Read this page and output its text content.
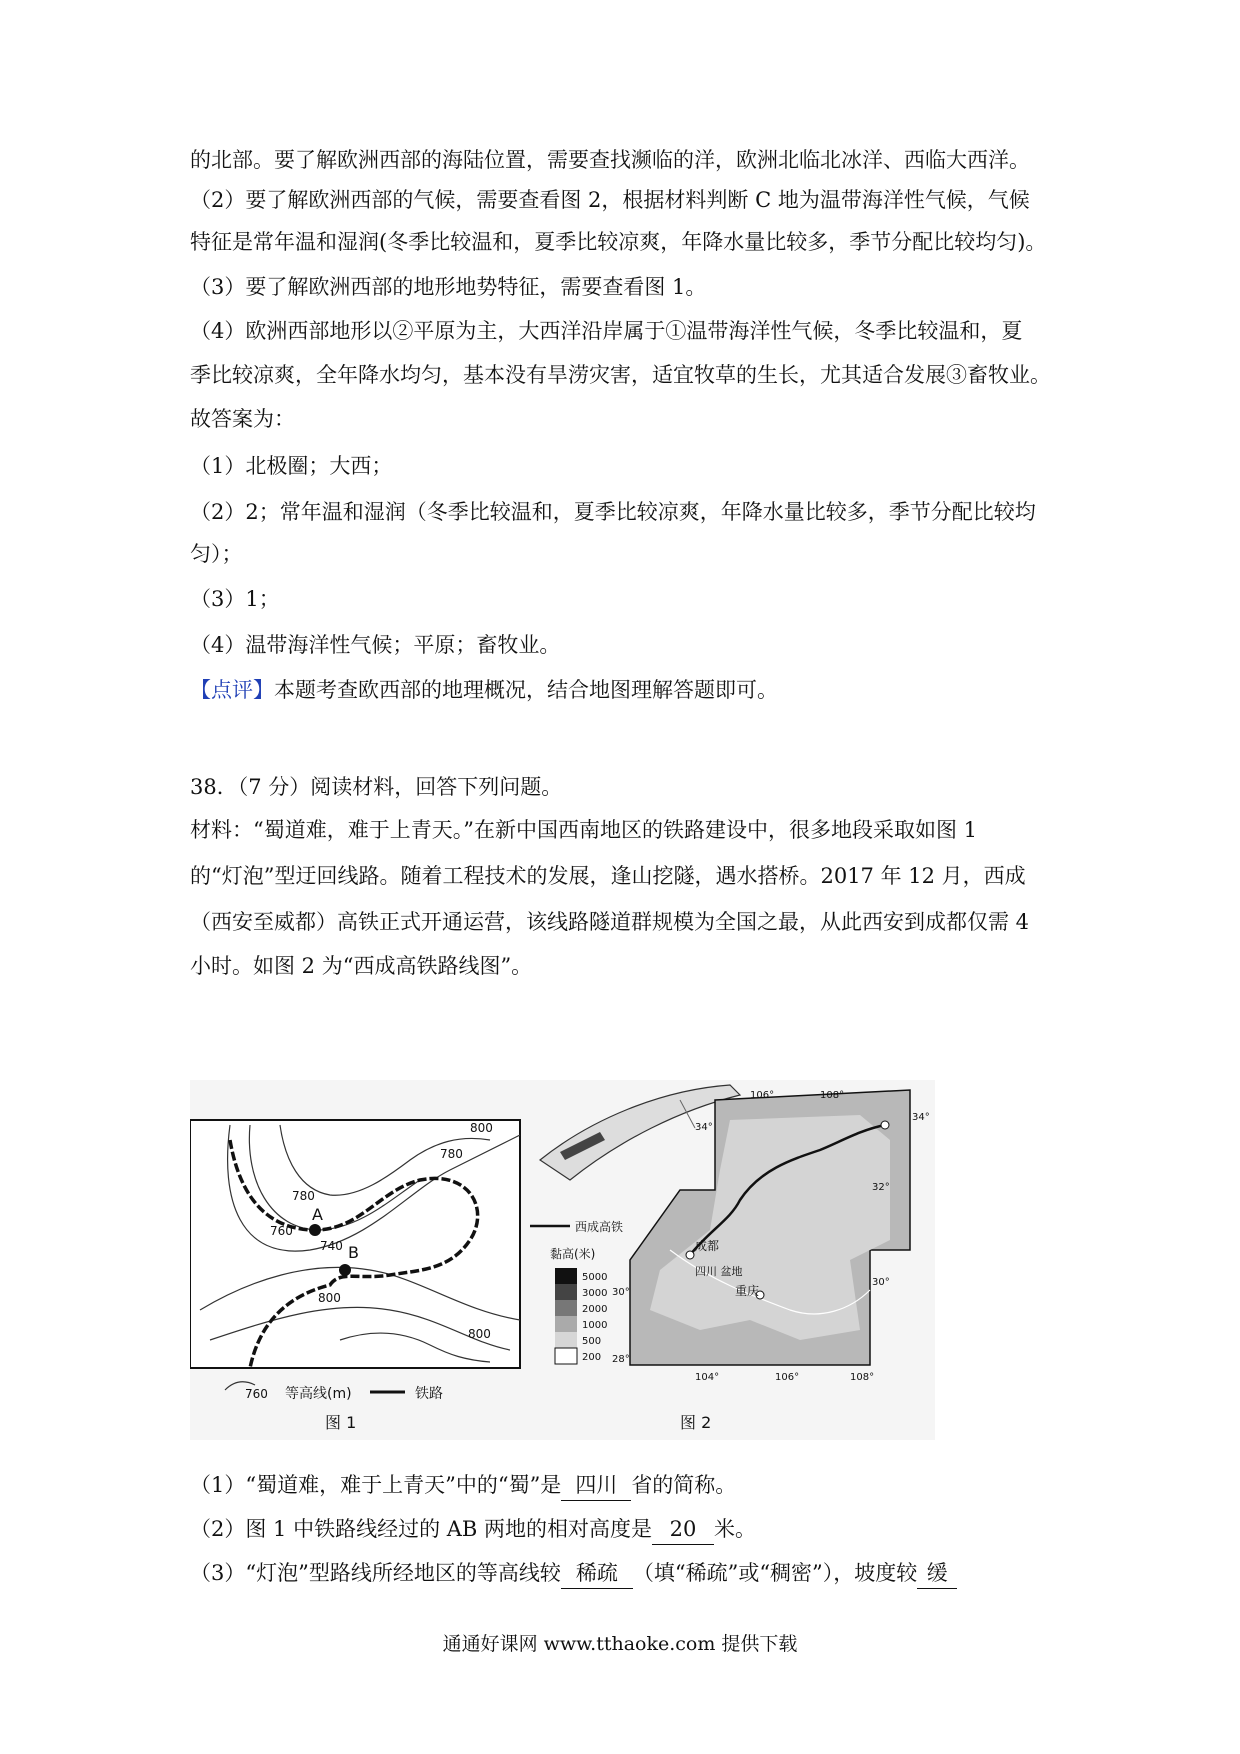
的北部。要了解欧洲西部的海陆位置，需要查找濒临的洋，欧洲北临北冰洋、西临大西洋。
（2）要了解欧洲西部的气候，需要查看图 2，根据材料判断 C 地为温带海洋性气候，气候
特征是常年温和湿润(冬季比较温和，夏季比较凉爽，年降水量比较多，季节分配比较均匀)。
（3）要了解欧洲西部的地形地势特征，需要查看图 1。
（4）欧洲西部地形以②平原为主，大西洋沿岸属于①温带海洋性气候，冬季比较温和，夏
季比较凉爽，全年降水均匀，基本没有旱涝灾害，适宜牧草的生长，尤其适合发展③畜牧业。
故答案为：
（1）北极圈；大西；
（2）2；常年温和湿润（冬季比较温和，夏季比较凉爽，年降水量比较多，季节分配比较均
匀）；
（3）1；
（4）温带海洋性气候；平原；畜牧业。
【点评】本题考查欧西部的地理概况，结合地图理解答题即可。
38．（7 分）阅读材料，回答下列问题。
材料：“蜀道难，难于上青天。”在新中国西南地区的铁路建设中，很多地段采取如图 1
的“灯泡”型迂回线路。随着工程技术的发展，逢山挖隧，遇水搭桥。2017 年 12 月，西成
（西安至威都）高铁正式开通运营，该线路隧道群规模为全国之最，从此西安到成都仅需 4
小时。如图 2 为“西成高铁路线图”。
A
B
800
780
780
760
740
800
800
760 等高线(m)	铁路
图 1
成都
重庆
四川 盆地
106°	108°
104°	106°	108°
34°
30°
28°
34°
32°
30°
西成高铁
黏高(米)
5000
3000
2000
1000
500
200
图 2
（1）“蜀道难，难于上青天”中的“蜀”是 四川 省的简称。
（2）图 1 中铁路线经过的 AB 两地的相对高度是 20 米。
（3）“灯泡”型路线所经地区的等高线较 稀疏 （填“稀疏”或“稠密”），坡度较 缓
通通好课网 www.tthaoke.com 提供下载
